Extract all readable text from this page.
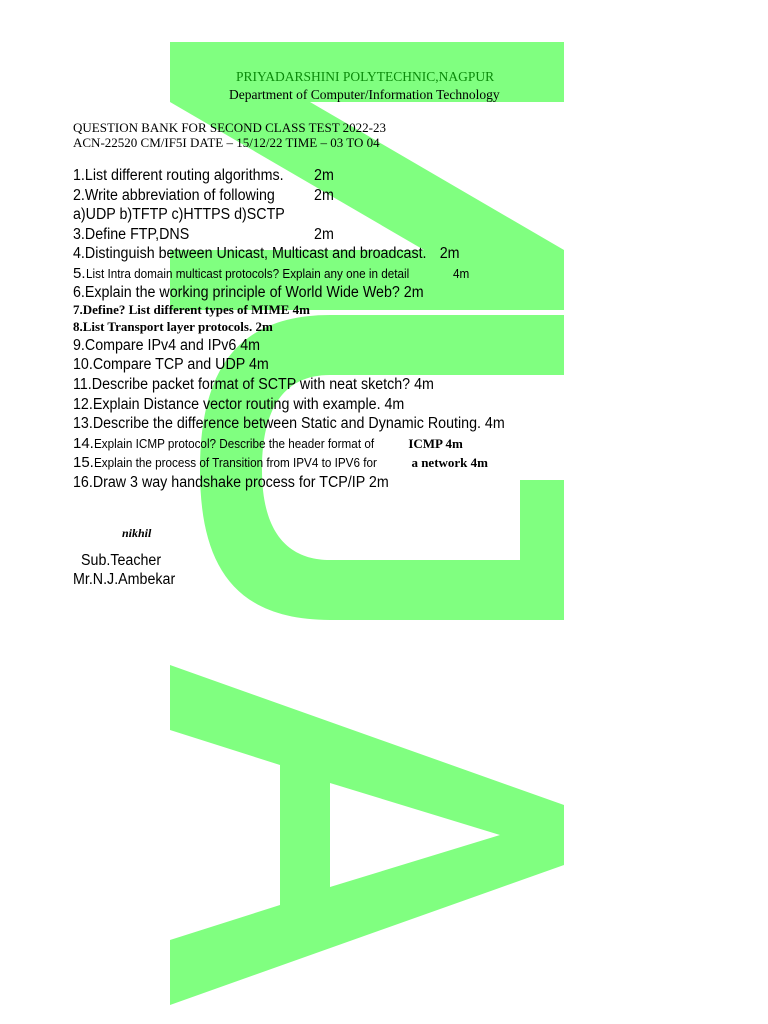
PRIYADARSHINI POLYTECHNIC,NAGPUR
Department of Computer/Information Technology
QUESTION BANK FOR SECOND CLASS TEST 2022-23
ACN-22520 CM/IF5I DATE – 15/12/22 TIME – 03 TO 04
1.List different routing algorithms. 2m
2.Write abbreviation of following	2m
a)UDP b)TFTP c)HTTPS d)SCTP
3.Define FTP,DNS	2m
4.Distinguish between Unicast, Multicast and broadcast. 2m
5.List Intra domain multicast protocols? Explain any one in detail	4m
6.Explain the working principle of World Wide Web? 2m
7.Define? List different types of MIME 4m
8.List Transport layer protocols. 2m
9.Compare IPv4 and IPv6 4m
10.Compare TCP and UDP 4m
11.Describe packet format of SCTP with neat sketch? 4m
12.Explain Distance vector routing with example. 4m
13.Describe the difference between Static and Dynamic Routing. 4m
14.Explain ICMP protocol? Describe the header format of ICMP 4m
15.Explain the process of Transition from IPV4 to IPV6 for a network 4m
16.Draw 3 way handshake process for TCP/IP 2m
nikhil
Sub.Teacher
Mr.N.J.Ambekar
